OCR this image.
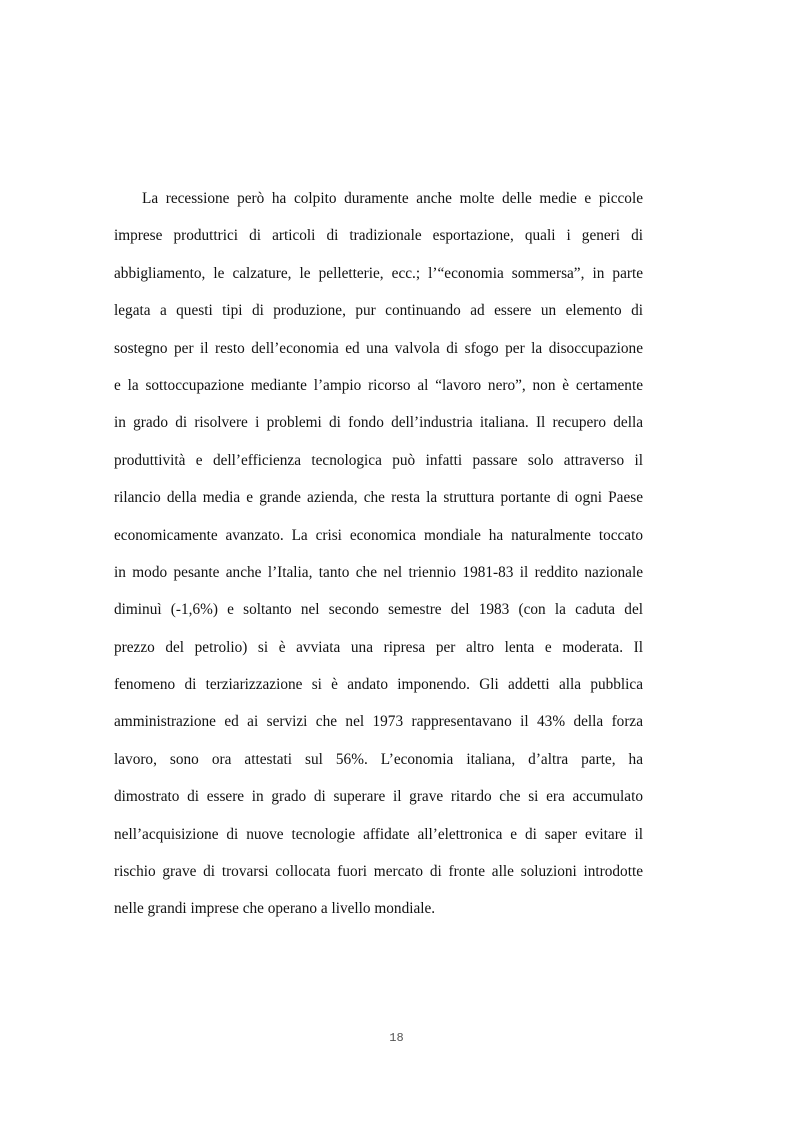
La recessione però ha colpito duramente anche molte delle medie e piccole
imprese produttrici di articoli di tradizionale esportazione, quali i generi di
abbigliamento, le calzature, le pelletterie, ecc.; l’“economia sommersa”, in parte
legata a questi tipi di produzione, pur continuando ad essere un elemento di
sostegno per il resto dell’economia ed una valvola di sfogo per la disoccupazione
e la sottoccupazione mediante l’ampio ricorso al “lavoro nero”, non è certamente
in grado di risolvere i problemi di fondo dell’industria italiana. Il recupero della
produttività e dell’efficienza tecnologica può infatti passare solo attraverso il
rilancio della media e grande azienda, che resta la struttura portante di ogni Paese
economicamente avanzato. La crisi economica mondiale ha naturalmente toccato
in modo pesante anche l’Italia, tanto che nel triennio 1981-83 il reddito nazionale
diminuì (-1,6%) e soltanto nel secondo semestre del 1983 (con la caduta del
prezzo del petrolio) si è avviata una ripresa per altro lenta e moderata. Il
fenomeno di terziarizzazione si è andato imponendo. Gli addetti alla pubblica
amministrazione ed ai servizi che nel 1973 rappresentavano il 43% della forza
lavoro, sono ora attestati sul 56%. L’economia italiana, d’altra parte, ha
dimostrato di essere in grado di superare il grave ritardo che si era accumulato
nell’acquisizione di nuove tecnologie affidate all’elettronica e di saper evitare il
rischio grave di trovarsi collocata fuori mercato di fronte alle soluzioni introdotte
nelle grandi imprese che operano a livello mondiale.
18
